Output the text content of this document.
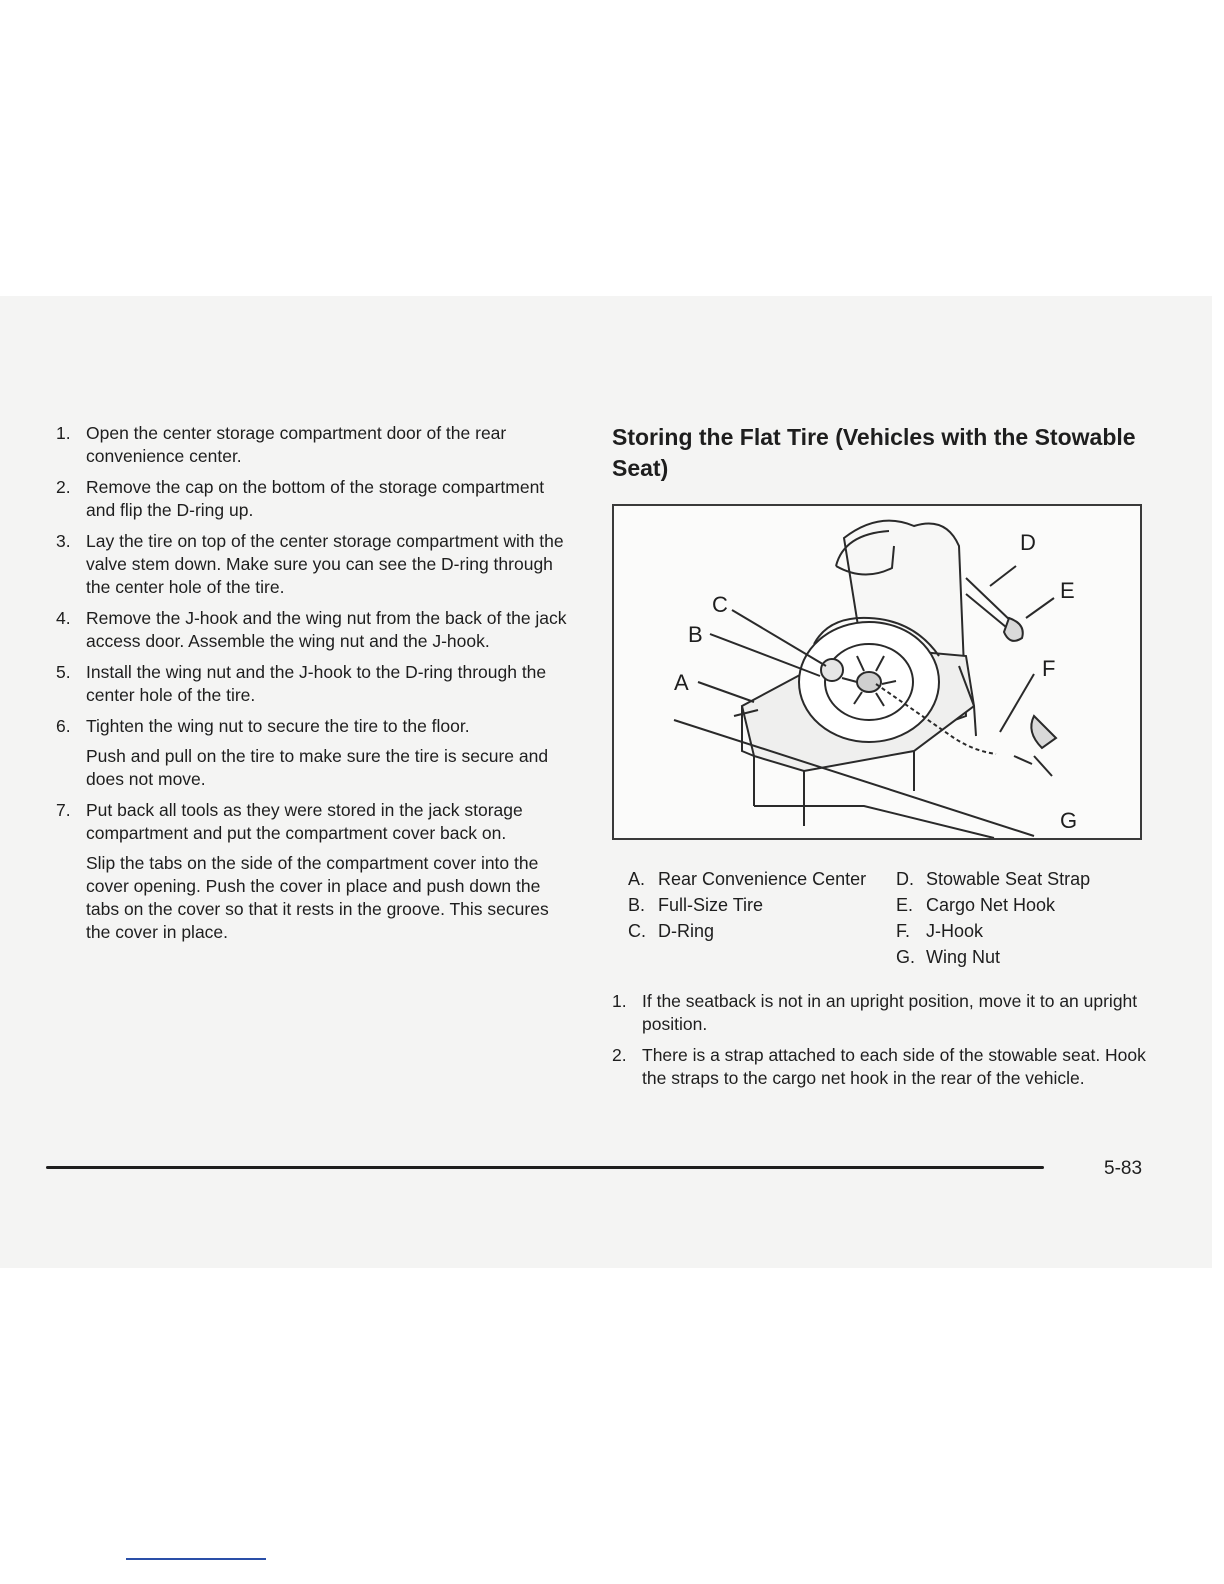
1. Open the center storage compartment door of the rear convenience center.

2. Remove the cap on the bottom of the storage compartment and flip the D-ring up.

3. Lay the tire on top of the center storage compartment with the valve stem down. Make sure you can see the D-ring through the center hole of the tire.

4. Remove the J-hook and the wing nut from the back of the jack access door. Assemble the wing nut and the J-hook.

5. Install the wing nut and the J-hook to the D-ring through the center hole of the tire.

6. Tighten the wing nut to secure the tire to the floor.

Push and pull on the tire to make sure the tire is secure and does not move.

7. Put back all tools as they were stored in the jack storage compartment and put the compartment cover back on.

Slip the tabs on the side of the compartment cover into the cover opening. Push the cover in place and push down the tabs on the cover so that it rests in the groove. This secures the cover in place.

Storing the Flat Tire (Vehicles with the Stowable Seat)
C
B
A
D
E
F
G
A. Rear Convenience Center
B. Full-Size Tire
C. D-Ring
D. Stowable Seat Strap
E. Cargo Net Hook
F. J-Hook
G. Wing Nut
1. If the seatback is not in an upright position, move it to an upright position.

2. There is a strap attached to each side of the stowable seat. Hook the straps to the cargo net hook in the rear of the vehicle.

5-83
